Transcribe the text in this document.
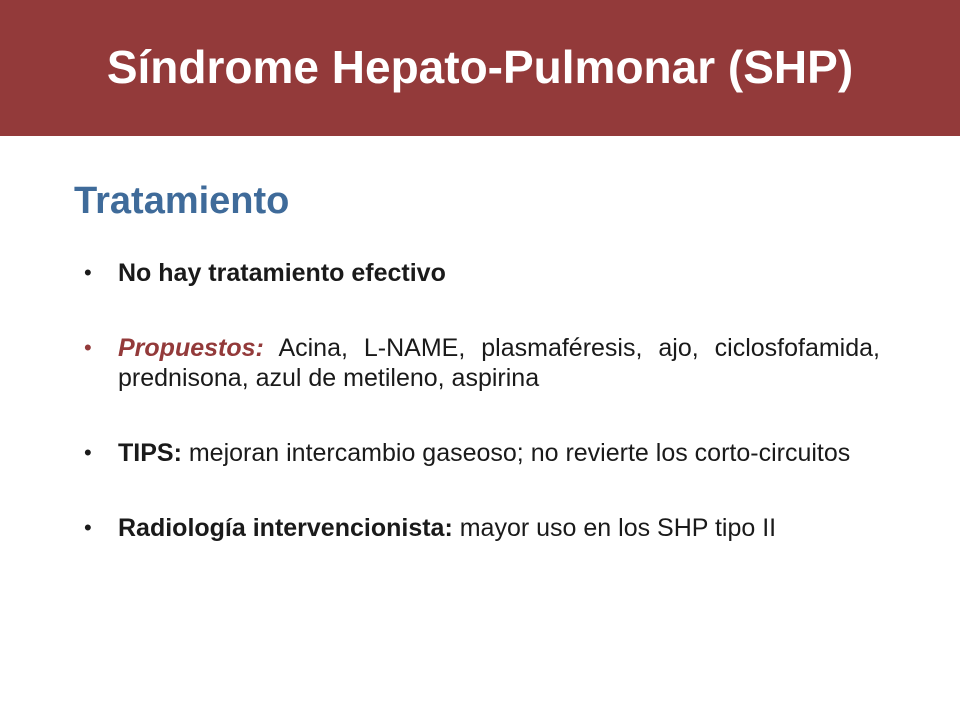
Síndrome Hepato-Pulmonar (SHP)
Tratamiento
• No hay tratamiento efectivo
• Propuestos: Acina, L-NAME, plasmaféresis, ajo, ciclosfofamida, prednisona, azul de metileno, aspirina
• TIPS: mejoran intercambio gaseoso; no revierte los corto-circuitos
• Radiología intervencionista: mayor uso en los SHP tipo II
